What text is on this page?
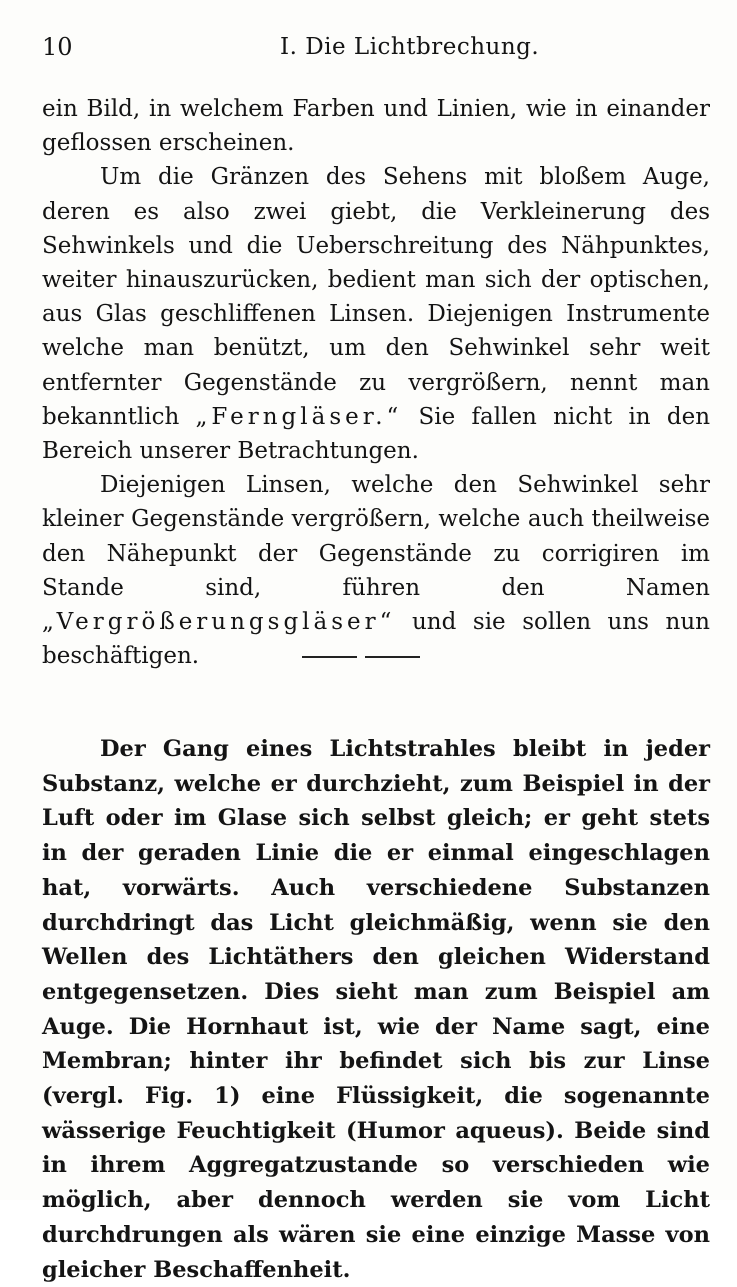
10	I. Die Lichtbrechung.

ein Bild, in welchem Farben und Linien, wie in einander geflossen erscheinen.

Um die Gränzen des Sehens mit bloßem Auge, deren es also zwei giebt, die Verkleinerung des Sehwinkels und die Ueberschreitung des Nähpunktes, weiter hinauszurücken, bedient man sich der optischen, aus Glas geschliffenen Linsen. Diejenigen Instrumente welche man benützt, um den Sehwinkel sehr weit entfernter Gegenstände zu vergrößern, nennt man bekanntlich „Ferngläser.“ Sie fallen nicht in den Bereich unserer Betrachtungen.

Diejenigen Linsen, welche den Sehwinkel sehr kleiner Gegenstände vergrößern, welche auch theilweise den Nähepunkt der Gegenstände zu corrigiren im Stande sind, führen den Namen „Vergrößerungsgläser“ und sie sollen uns nun beschäftigen.

Der Gang eines Lichtstrahles bleibt in jeder Substanz, welche er durchzieht, zum Beispiel in der Luft oder im Glase sich selbst gleich; er geht stets in der geraden Linie die er einmal eingeschlagen hat, vorwärts. Auch verschiedene Substanzen durchdringt das Licht gleichmäßig, wenn sie den Wellen des Lichtäthers den gleichen Widerstand entgegensetzen. Dies sieht man zum Beispiel am Auge. Die Hornhaut ist, wie der Name sagt, eine Membran; hinter ihr befindet sich bis zur Linse (vergl. Fig. 1) eine Flüssigkeit, die sogenannte wässerige Feuchtigkeit (Humor aqueus). Beide sind in ihrem Aggregatzustande so verschieden wie möglich, aber dennoch werden sie vom Licht durchdrungen als wären sie eine einzige Masse von gleicher Beschaffenheit.
